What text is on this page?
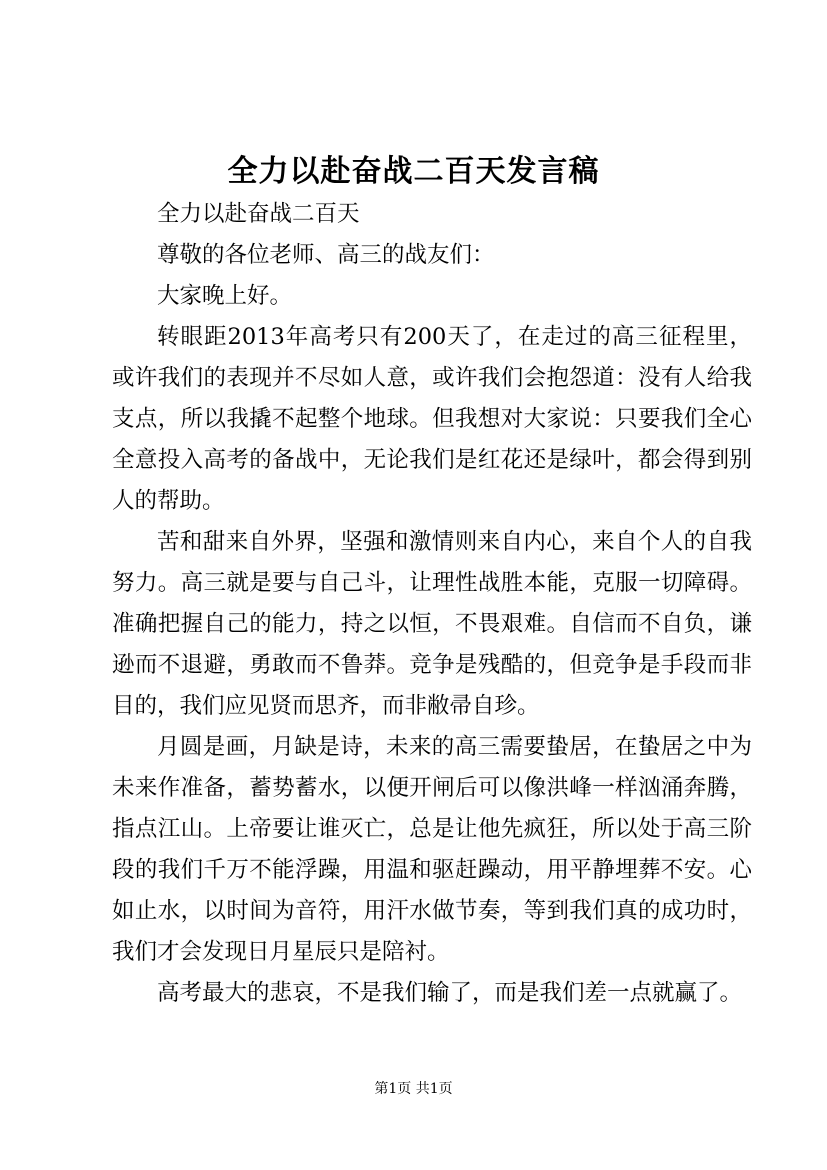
全力以赴奋战二百天发言稿

全力以赴奋战二百天

尊敬的各位老师、高三的战友们：

大家晚上好。

转眼距2013年高考只有200天了，在走过的高三征程里，或许我们的表现并不尽如人意，或许我们会抱怨道：没有人给我支点，所以我撬不起整个地球。但我想对大家说：只要我们全心全意投入高考的备战中，无论我们是红花还是绿叶，都会得到别人的帮助。

苦和甜来自外界，坚强和激情则来自内心，来自个人的自我努力。高三就是要与自己斗，让理性战胜本能，克服一切障碍。准确把握自己的能力，持之以恒，不畏艰难。自信而不自负，谦逊而不退避，勇敢而不鲁莽。竞争是残酷的，但竞争是手段而非目的，我们应见贤而思齐，而非敝帚自珍。

月圆是画，月缺是诗，未来的高三需要蛰居，在蛰居之中为未来作准备，蓄势蓄水，以便开闸后可以像洪峰一样汹涌奔腾，指点江山。上帝要让谁灭亡，总是让他先疯狂，所以处于高三阶段的我们千万不能浮躁，用温和驱赶躁动，用平静埋葬不安。心如止水，以时间为音符，用汗水做节奏，等到我们真的成功时，我们才会发现日月星辰只是陪衬。

高考最大的悲哀，不是我们输了，而是我们差一点就赢了。

第1页 共1页
